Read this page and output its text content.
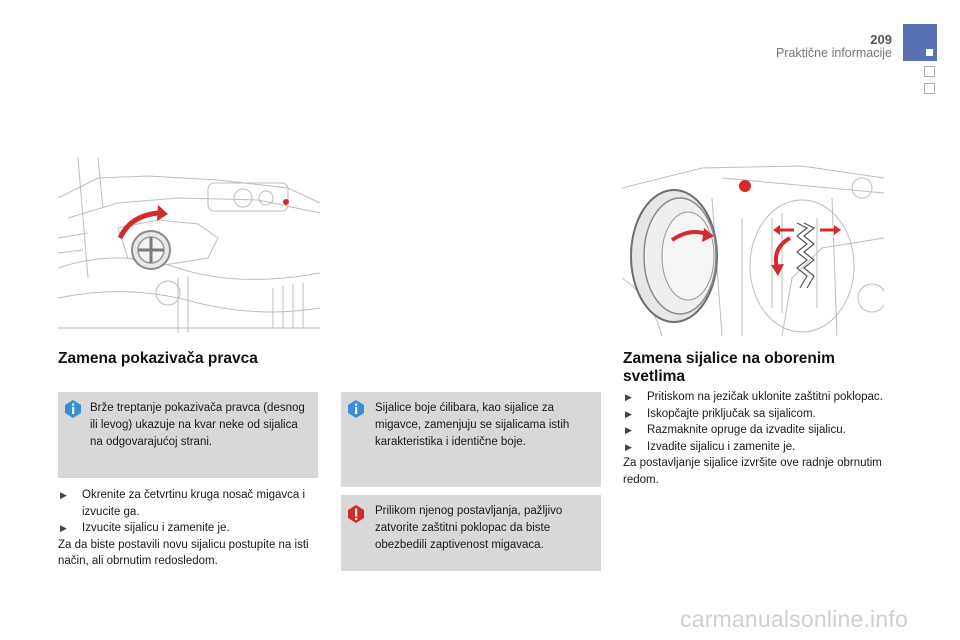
209
Praktične informacije
Zamena pokazivača pravca
Brže treptanje pokazivača pravca (desnog ili levog) ukazuje na kvar neke od sijalica na odgovarajućoj strani.
▶ Okrenite za četvrtinu kruga nosač migavca i izvucite ga.
▶ Izvucite sijalicu i zamenite je.
Za da biste postavili novu sijalicu postupite na isti način, ali obrnutim redosledom.
Sijalice boje ćilibara, kao sijalice za migavce, zamenjuju se sijalicama istih karakteristika i identične boje.
Prilikom njenog postavljanja, pažljivo zatvorite zaštitni poklopac da biste obezbedili zaptivenost migavaca.
Zamena sijalice na oborenim svetlima
▶ Pritiskom na jezičak uklonite zaštitni poklopac.
▶ Iskopčajte priključak sa sijalicom.
▶ Razmaknite opruge da izvadite sijalicu.
▶ Izvadite sijalicu i zamenite je.
Za postavljanje sijalice izvršite ove radnje obrnutim redom.
carmanualsonline.info
